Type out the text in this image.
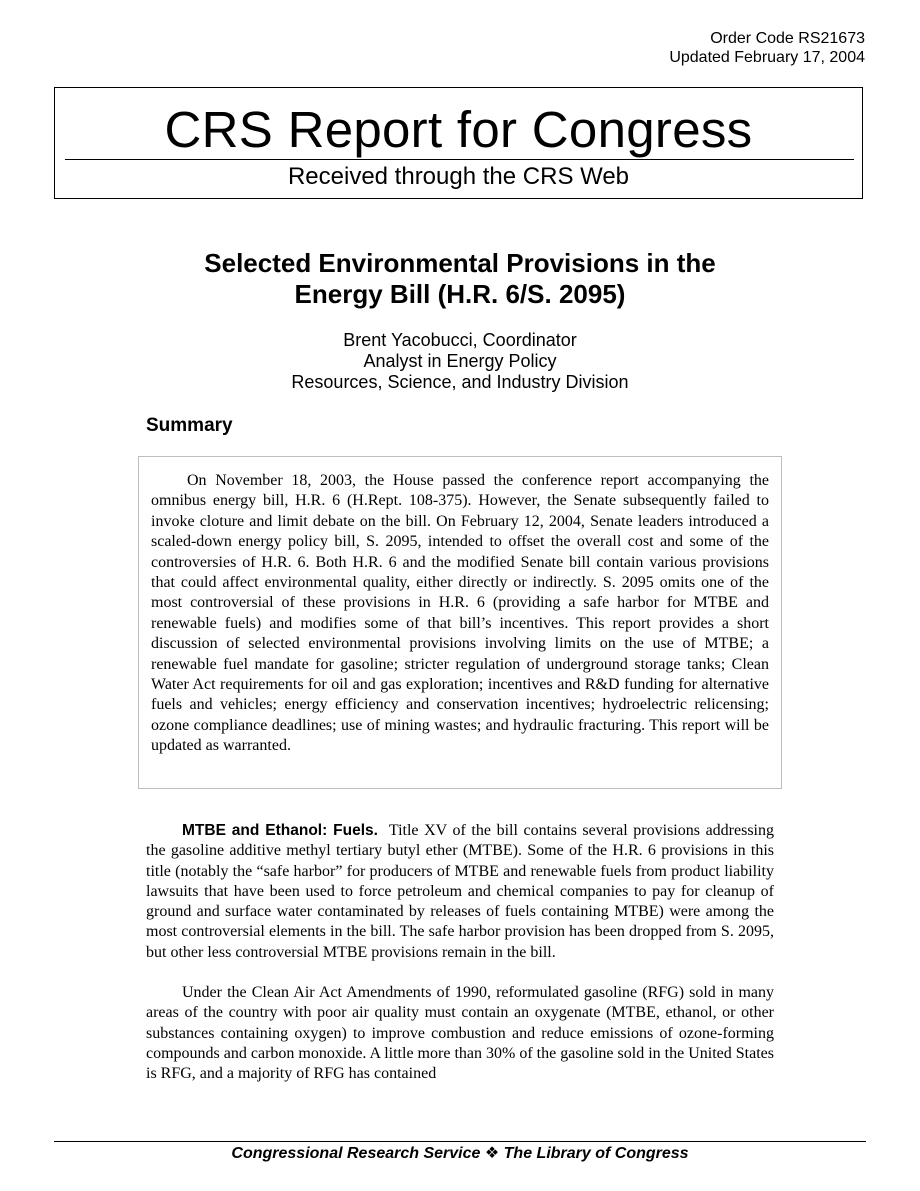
Order Code RS21673
Updated February 17, 2004
CRS Report for Congress
Received through the CRS Web
Selected Environmental Provisions in the
Energy Bill (H.R. 6/S. 2095)
Brent Yacobucci, Coordinator
Analyst in Energy Policy
Resources, Science, and Industry Division
Summary

On November 18, 2003, the House passed the conference report accompanying the omnibus energy bill, H.R. 6 (H.Rept. 108-375). However, the Senate subsequently failed to invoke cloture and limit debate on the bill. On February 12, 2004, Senate leaders introduced a scaled-down energy policy bill, S. 2095, intended to offset the overall cost and some of the controversies of H.R. 6. Both H.R. 6 and the modified Senate bill contain various provisions that could affect environmental quality, either directly or indirectly. S. 2095 omits one of the most controversial of these provisions in H.R. 6 (providing a safe harbor for MTBE and renewable fuels) and modifies some of that bill’s incentives. This report provides a short discussion of selected environmental provisions involving limits on the use of MTBE; a renewable fuel mandate for gasoline; stricter regulation of underground storage tanks; Clean Water Act requirements for oil and gas exploration; incentives and R&D funding for alternative fuels and vehicles; energy efficiency and conservation incentives; hydroelectric relicensing; ozone compliance deadlines; use of mining wastes; and hydraulic fracturing. This report will be updated as warranted.

MTBE and Ethanol: Fuels. Title XV of the bill contains several provisions addressing the gasoline additive methyl tertiary butyl ether (MTBE). Some of the H.R. 6 provisions in this title (notably the “safe harbor” for producers of MTBE and renewable fuels from product liability lawsuits that have been used to force petroleum and chemical companies to pay for cleanup of ground and surface water contaminated by releases of fuels containing MTBE) were among the most controversial elements in the bill. The safe harbor provision has been dropped from S. 2095, but other less controversial MTBE provisions remain in the bill.

Under the Clean Air Act Amendments of 1990, reformulated gasoline (RFG) sold in many areas of the country with poor air quality must contain an oxygenate (MTBE, ethanol, or other substances containing oxygen) to improve combustion and reduce emissions of ozone-forming compounds and carbon monoxide. A little more than 30% of the gasoline sold in the United States is RFG, and a majority of RFG has contained

Congressional Research Service ❖ The Library of Congress
